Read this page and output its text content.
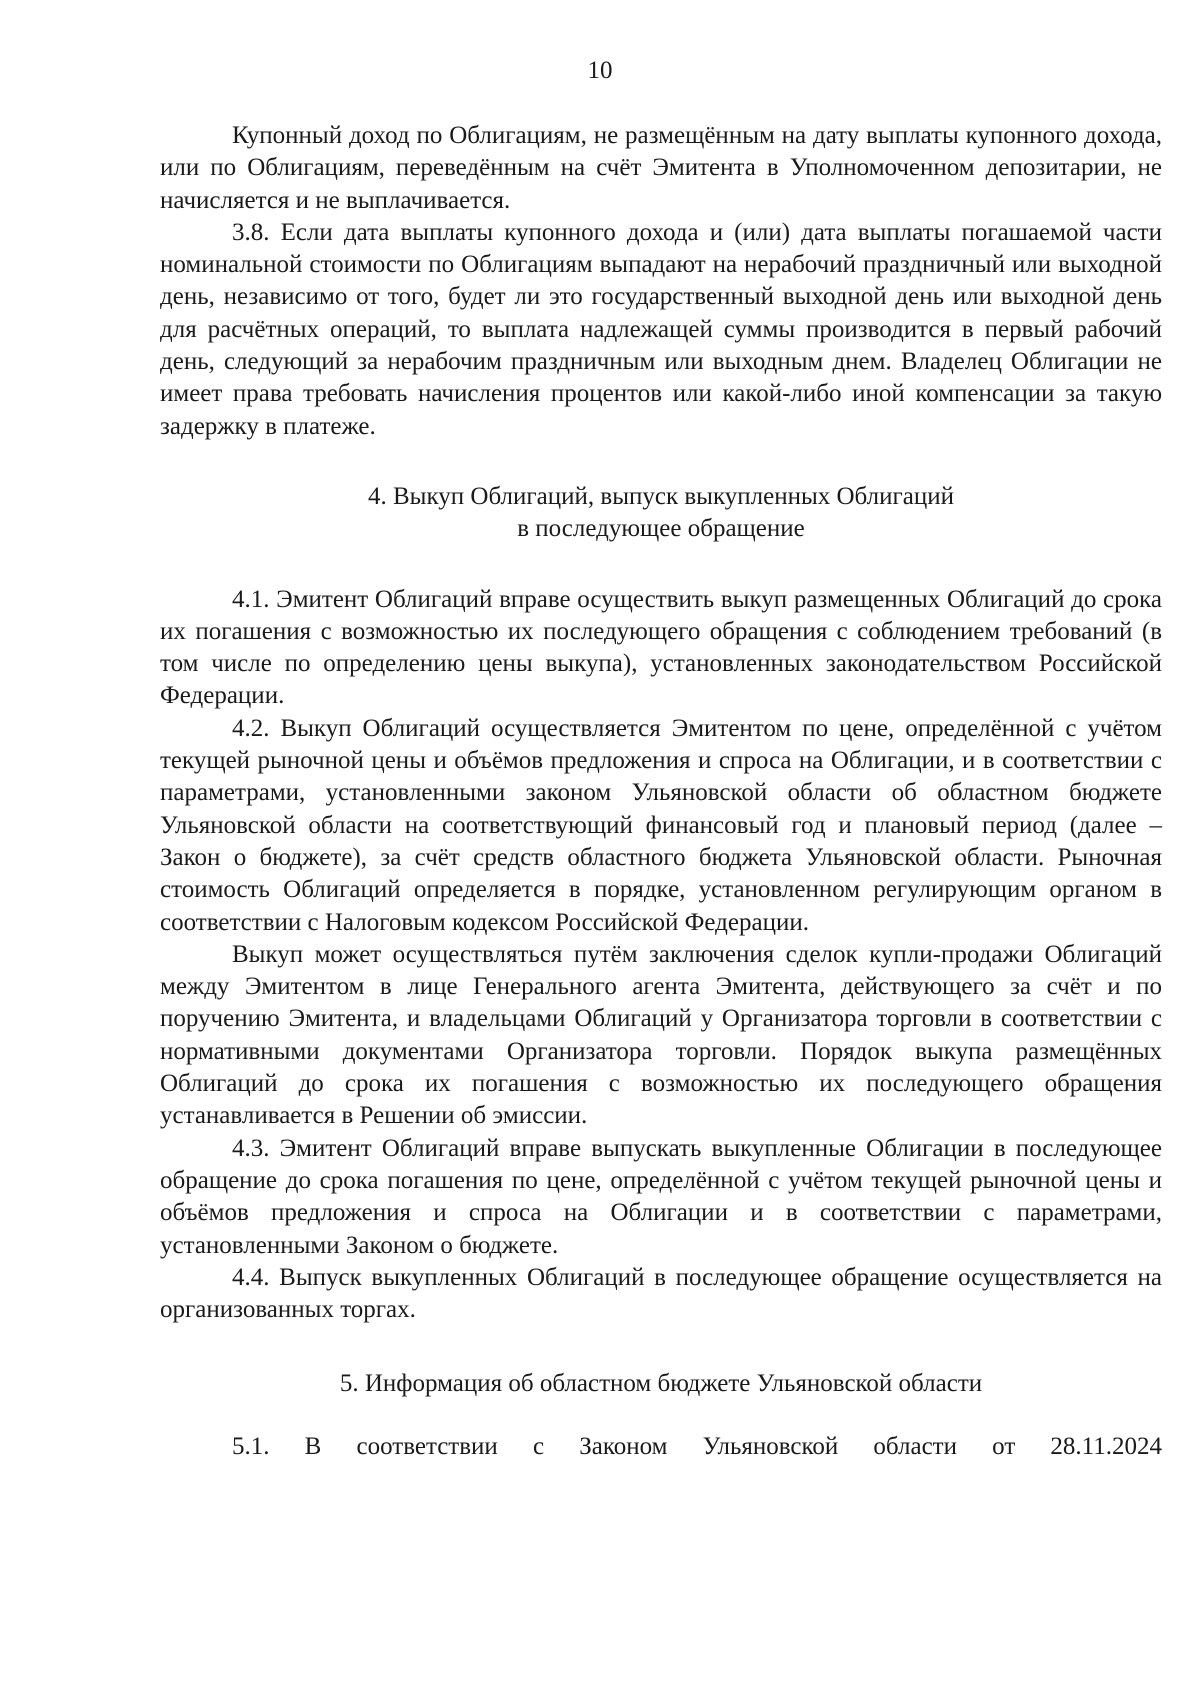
10

Купонный доход по Облигациям, не размещённым на дату выплаты купонного дохода, или по Облигациям, переведённым на счёт Эмитента в Уполномоченном депозитарии, не начисляется и не выплачивается.

3.8. Если дата выплаты купонного дохода и (или) дата выплаты погашаемой части номинальной стоимости по Облигациям выпадают на нерабочий праздничный или выходной день, независимо от того, будет ли это государственный выходной день или выходной день для расчётных операций, то выплата надлежащей суммы производится в первый рабочий день, следующий за нерабочим праздничным или выходным днем. Владелец Облигации не имеет права требовать начисления процентов или какой-либо иной компенсации за такую задержку в платеже.

4. Выкуп Облигаций, выпуск выкупленных Облигаций
в последующее обращение

4.1. Эмитент Облигаций вправе осуществить выкуп размещенных Облигаций до срока их погашения с возможностью их последующего обращения с соблюдением требований (в том числе по определению цены выкупа), установленных законодательством Российской Федерации.

4.2. Выкуп Облигаций осуществляется Эмитентом по цене, определённой с учётом текущей рыночной цены и объёмов предложения и спроса на Облигации, и в соответствии с параметрами, установленными законом Ульяновской области об областном бюджете Ульяновской области на соответствующий финансовый год и плановый период (далее – Закон о бюджете), за счёт средств областного бюджета Ульяновской области. Рыночная стоимость Облигаций определяется в порядке, установленном регулирующим органом в соответствии с Налоговым кодексом Российской Федерации.

Выкуп может осуществляться путём заключения сделок купли-продажи Облигаций между Эмитентом в лице Генерального агента Эмитента, действующего за счёт и по поручению Эмитента, и владельцами Облигаций у Организатора торговли в соответствии с нормативными документами Организатора торговли. Порядок выкупа размещённых Облигаций до срока их погашения с возможностью их последующего обращения устанавливается в Решении об эмиссии.

4.3. Эмитент Облигаций вправе выпускать выкупленные Облигации в последующее обращение до срока погашения по цене, определённой с учётом текущей рыночной цены и объёмов предложения и спроса на Облигации и в соответствии с параметрами, установленными Законом о бюджете.

4.4. Выпуск выкупленных Облигаций в последующее обращение осуществляется на организованных торгах.

5. Информация об областном бюджете Ульяновской области

5.1. В соответствии с Законом Ульяновской области от 28.11.2024
